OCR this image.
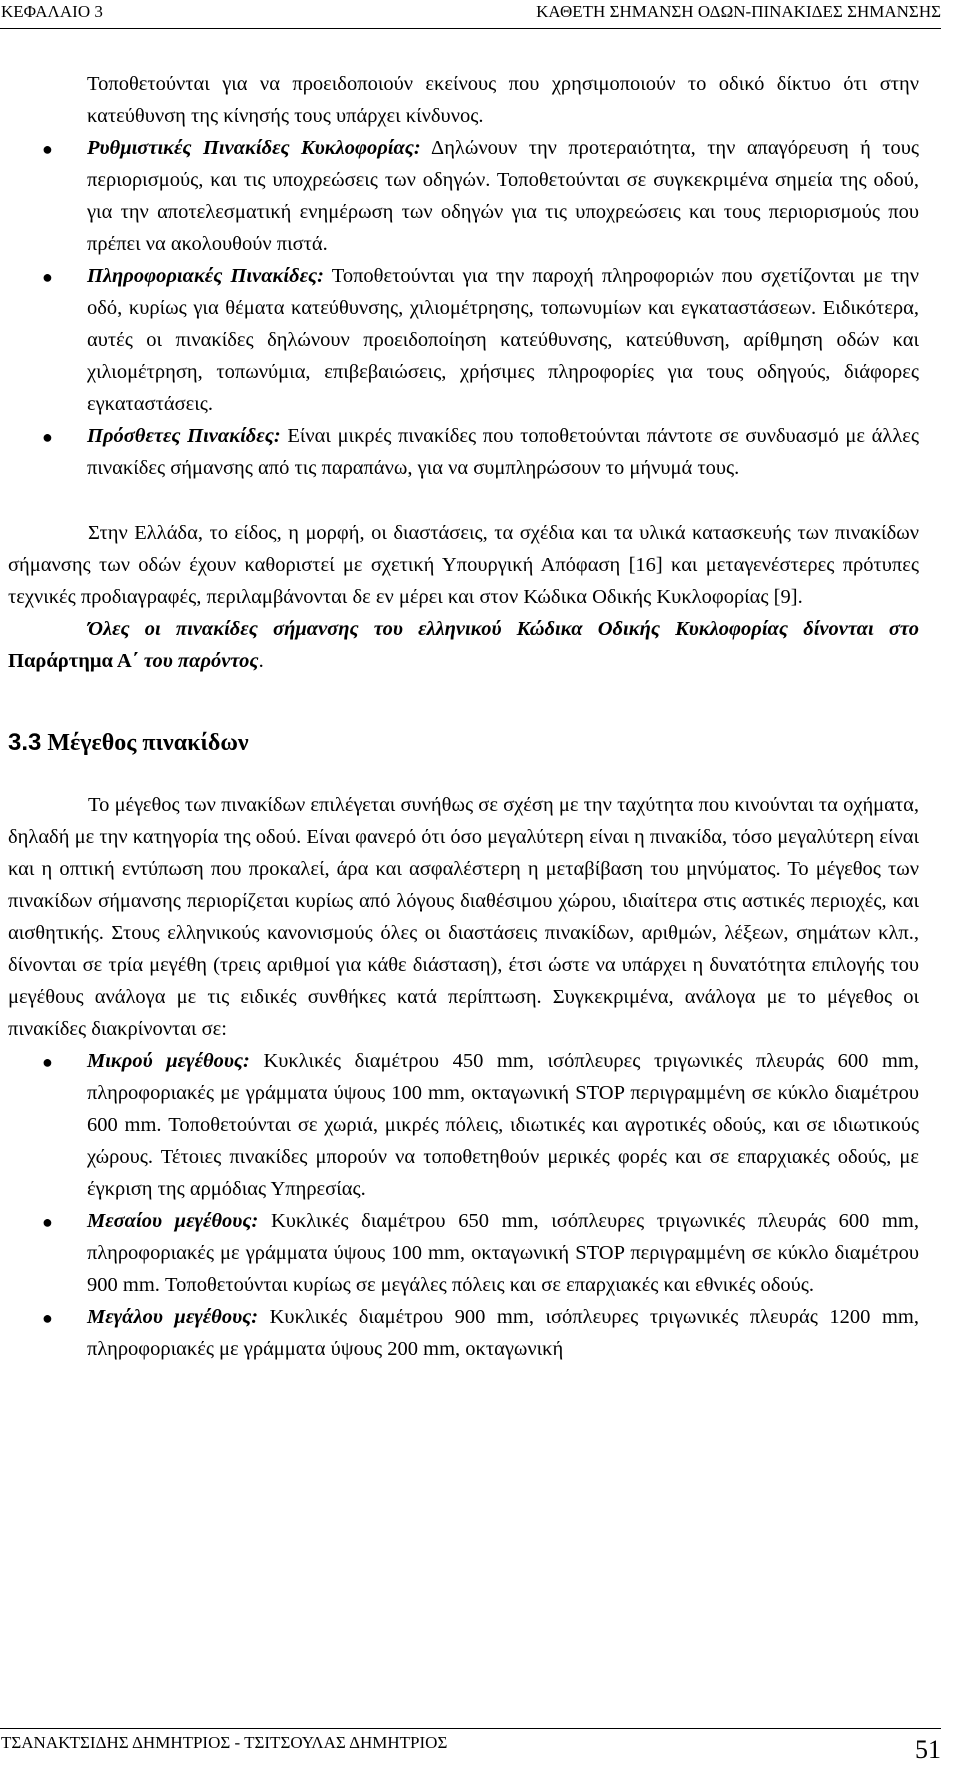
ΚΕΦΑΛΑΙΟ 3	ΚΑΘΕΤΗ ΣΗΜΑΝΣΗ ΟΔΩΝ-ΠΙΝΑΚΙΔΕΣ ΣΗΜΑΝΣΗΣ

Τοποθετούνται για να προειδοποιούν εκείνους που χρησιμοποιούν το οδικό δίκτυο ότι στην κατεύθυνση της κίνησής τους υπάρχει κίνδυνος.

● Ρυθμιστικές Πινακίδες Κυκλοφορίας: Δηλώνουν την προτεραιότητα, την απαγόρευση ή τους περιορισμούς, και τις υποχρεώσεις των οδηγών. Τοποθετούνται σε συγκεκριμένα σημεία της οδού, για την αποτελεσματική ενημέρωση των οδηγών για τις υποχρεώσεις και τους περιορισμούς που πρέπει να ακολουθούν πιστά.
● Πληροφοριακές Πινακίδες: Τοποθετούνται για την παροχή πληροφοριών που σχετίζονται με την οδό, κυρίως για θέματα κατεύθυνσης, χιλιομέτρησης, τοπωνυμίων και εγκαταστάσεων. Ειδικότερα, αυτές οι πινακίδες δηλώνουν προειδοποίηση κατεύθυνσης, κατεύθυνση, αρίθμηση οδών και χιλιομέτρηση, τοπωνύμια, επιβεβαιώσεις, χρήσιμες πληροφορίες για τους οδηγούς, διάφορες εγκαταστάσεις.
● Πρόσθετες Πινακίδες: Είναι μικρές πινακίδες που τοποθετούνται πάντοτε σε συνδυασμό με άλλες πινακίδες σήμανσης από τις παραπάνω, για να συμπληρώσουν το μήνυμά τους.

Στην Ελλάδα, το είδος, η μορφή, οι διαστάσεις, τα σχέδια και τα υλικά κατασκευής των πινακίδων σήμανσης των οδών έχουν καθοριστεί με σχετική Υπουργική Απόφαση [16] και μεταγενέστερες πρότυπες τεχνικές προδιαγραφές, περιλαμβάνονται δε εν μέρει και στον Κώδικα Οδικής Κυκλοφορίας [9].

Όλες οι πινακίδες σήμανσης του ελληνικού Κώδικα Οδικής Κυκλοφορίας δίνονται στο Παράρτημα Α΄ του παρόντος.

3.3 Μέγεθος πινακίδων

Το μέγεθος των πινακίδων επιλέγεται συνήθως σε σχέση με την ταχύτητα που κινούνται τα οχήματα, δηλαδή με την κατηγορία της οδού. Είναι φανερό ότι όσο μεγαλύτερη είναι η πινακίδα, τόσο μεγαλύτερη είναι και η οπτική εντύπωση που προκαλεί, άρα και ασφαλέστερη η μεταβίβαση του μηνύματος. Το μέγεθος των πινακίδων σήμανσης περιορίζεται κυρίως από λόγους διαθέσιμου χώρου, ιδιαίτερα στις αστικές περιοχές, και αισθητικής. Στους ελληνικούς κανονισμούς όλες οι διαστάσεις πινακίδων, αριθμών, λέξεων, σημάτων κλπ., δίνονται σε τρία μεγέθη (τρεις αριθμοί για κάθε διάσταση), έτσι ώστε να υπάρχει η δυνατότητα επιλογής του μεγέθους ανάλογα με τις ειδικές συνθήκες κατά περίπτωση. Συγκεκριμένα, ανάλογα με το μέγεθος οι πινακίδες διακρίνονται σε:

● Μικρού μεγέθους: Κυκλικές διαμέτρου 450 mm, ισόπλευρες τριγωνικές πλευράς 600 mm, πληροφοριακές με γράμματα ύψους 100 mm, οκταγωνική STOP περιγραμμένη σε κύκλο διαμέτρου 600 mm. Τοποθετούνται σε χωριά, μικρές πόλεις, ιδιωτικές και αγροτικές οδούς, και σε ιδιωτικούς χώρους. Τέτοιες πινακίδες μπορούν να τοποθετηθούν μερικές φορές και σε επαρχιακές οδούς, με έγκριση της αρμόδιας Υπηρεσίας.
● Μεσαίου μεγέθους: Κυκλικές διαμέτρου 650 mm, ισόπλευρες τριγωνικές πλευράς 600 mm, πληροφοριακές με γράμματα ύψους 100 mm, οκταγωνική STOP περιγραμμένη σε κύκλο διαμέτρου 900 mm. Τοποθετούνται κυρίως σε μεγάλες πόλεις και σε επαρχιακές και εθνικές οδούς.
● Μεγάλου μεγέθους: Κυκλικές διαμέτρου 900 mm, ισόπλευρες τριγωνικές πλευράς 1200 mm, πληροφοριακές με γράμματα ύψους 200 mm, οκταγωνική
ΤΣΑΝΑΚΤΣΙΔΗΣ ΔΗΜΗΤΡΙΟΣ - ΤΣΙΤΣΟΥΛΑΣ ΔΗΜΗΤΡΙΟΣ	51
